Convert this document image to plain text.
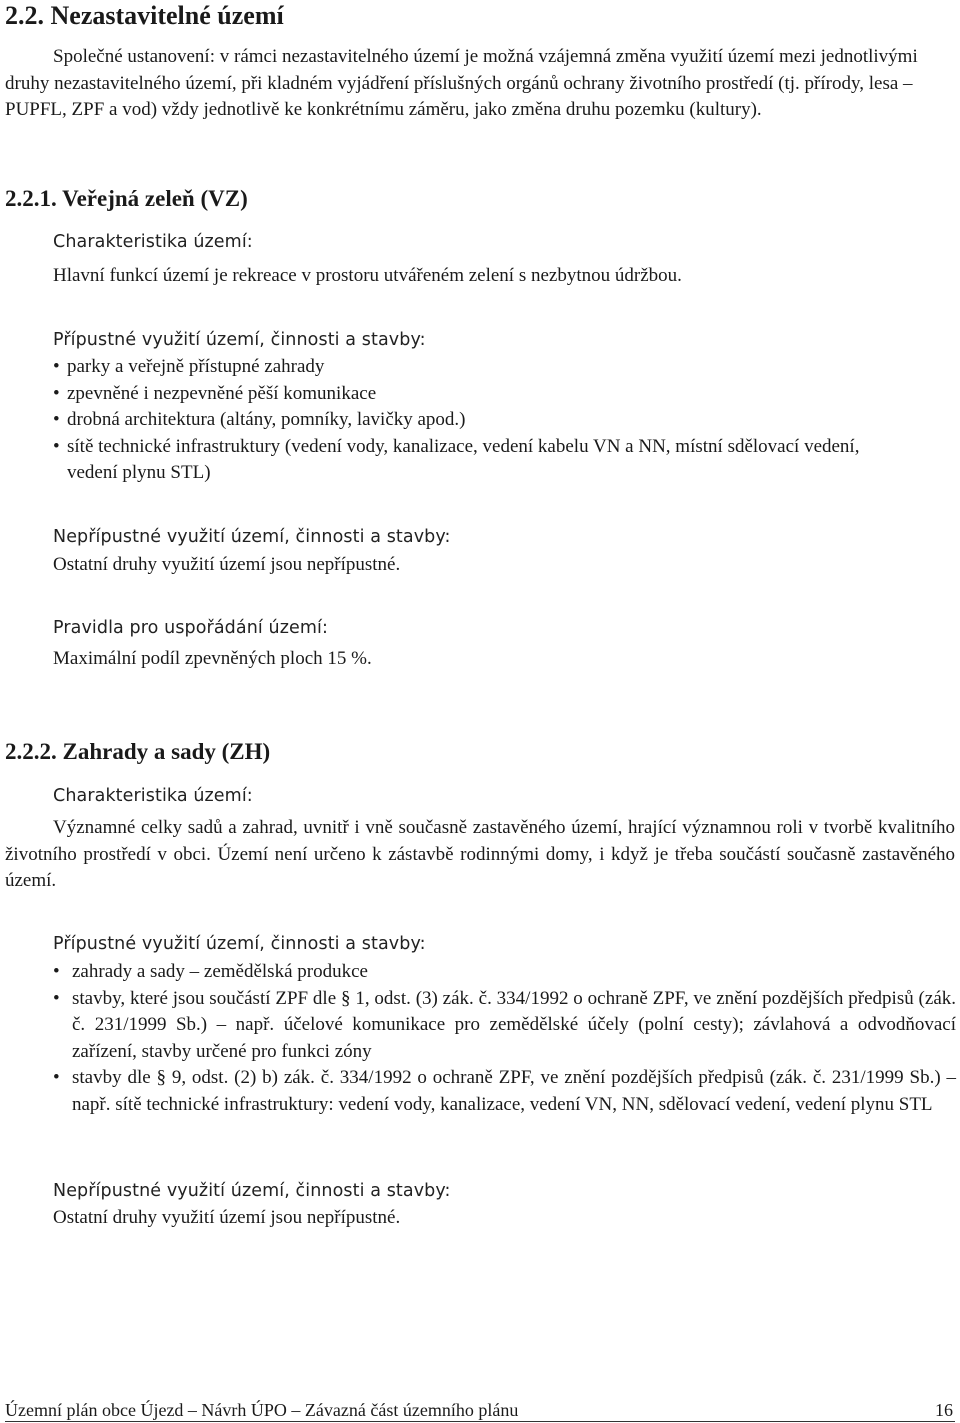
2.2. Nezastavitelné území
Společné ustanovení: v rámci nezastavitelného území je možná vzájemná změna využití území mezi jednotlivými druhy nezastavitelného území, při kladném vyjádření příslušných orgánů ochrany životního prostředí (tj. přírody, lesa – PUPFL, ZPF a vod) vždy jednotlivě ke konkrétnímu záměru, jako změna druhu pozemku (kultury).
2.2.1. Veřejná zeleň (VZ)
Charakteristika území:
Hlavní funkcí území je rekreace v prostoru utvářeném zelení s nezbytnou údržbou.
Přípustné využití území, činnosti a stavby:
• parky a veřejně přístupné zahrady
• zpevněné i nezpevněné pěší komunikace
• drobná architektura (altány, pomníky, lavičky apod.)
• sítě technické infrastruktury (vedení vody, kanalizace, vedení kabelu VN a NN, místní sdělovací vedení, vedení plynu STL)
Nepřípustné využití území, činnosti a stavby:
Ostatní druhy využití území jsou nepřípustné.
Pravidla pro uspořádání území:
Maximální podíl zpevněných ploch 15 %.
2.2.2. Zahrady a sady (ZH)
Charakteristika území:
Významné celky sadů a zahrad, uvnitř i vně současně zastavěného území, hrající významnou roli v tvorbě kvalitního životního prostředí v obci. Území není určeno k zástavbě rodinnými domy, i když je třeba součástí současně zastavěného území.
Přípustné využití území, činnosti a stavby:
• zahrady a sady – zemědělská produkce
• stavby, které jsou součástí ZPF dle § 1, odst. (3) zák. č. 334/1992 o ochraně ZPF, ve znění pozdějších předpisů (zák. č. 231/1999 Sb.) – např. účelové komunikace pro zemědělské účely (polní cesty); závlahová a odvodňovací zařízení, stavby určené pro funkci zóny
• stavby dle § 9, odst. (2) b) zák. č. 334/1992 o ochraně ZPF, ve znění pozdějších předpisů (zák. č. 231/1999 Sb.) – např. sítě technické infrastruktury: vedení vody, kanalizace, vedení VN, NN, sdělovací vedení, vedení plynu STL
Nepřípustné využití území, činnosti a stavby:
Ostatní druhy využití území jsou nepřípustné.
Územní plán obce Újezd – Návrh ÚPO – Závazná část územního plánu	16
